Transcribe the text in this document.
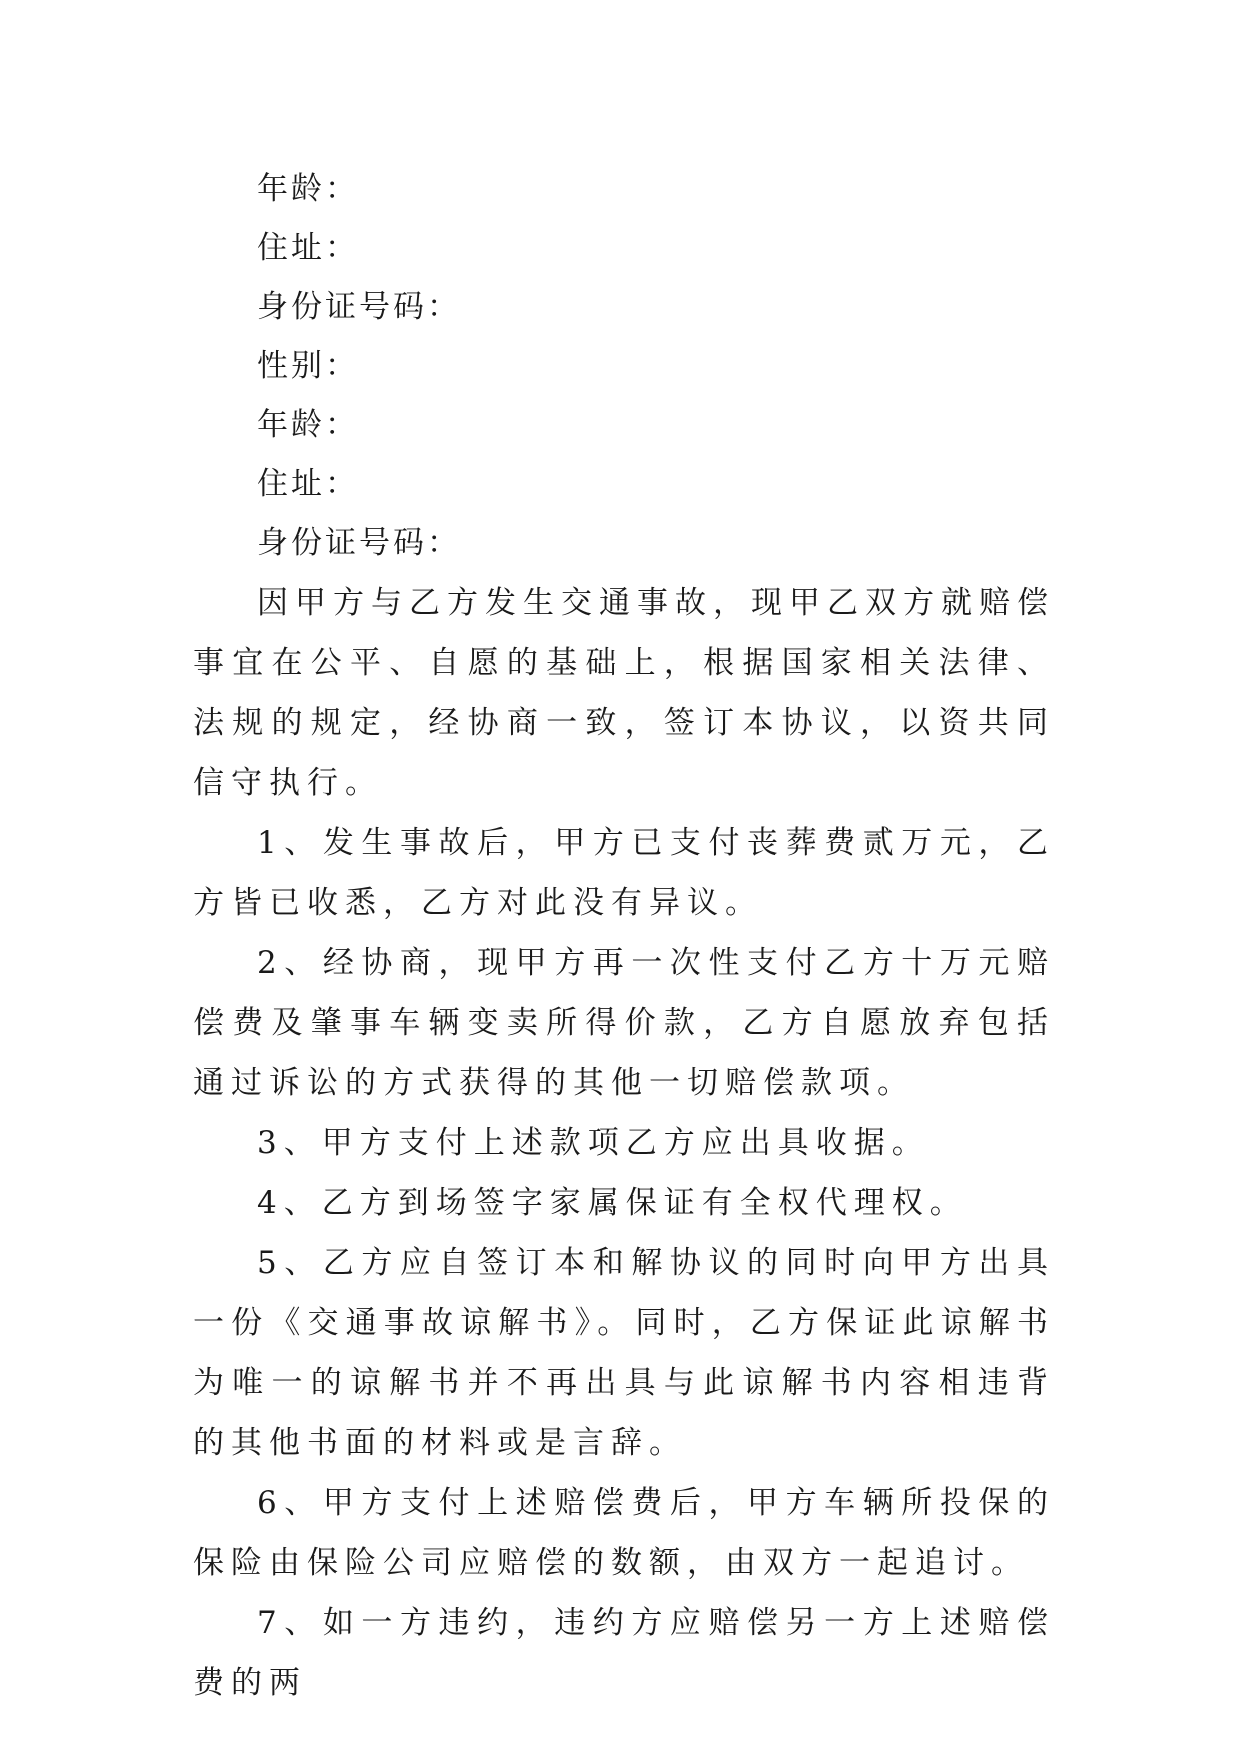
年龄：
住址：
身份证号码：
性别：
年龄：
住址：
身份证号码：

因甲方与乙方发生交通事故，现甲乙双方就赔偿事宜在公平、自愿的基础上，根据国家相关法律、法规的规定，经协商一致，签订本协议，以资共同信守执行。

1、发生事故后，甲方已支付丧葬费贰万元，乙方皆已收悉，乙方对此没有异议。

2、经协商，现甲方再一次性支付乙方十万元赔偿费及肇事车辆变卖所得价款，乙方自愿放弃包括通过诉讼的方式获得的其他一切赔偿款项。

3、甲方支付上述款项乙方应出具收据。

4、乙方到场签字家属保证有全权代理权。

5、乙方应自签订本和解协议的同时向甲方出具一份《交通事故谅解书》。同时，乙方保证此谅解书为唯一的谅解书并不再出具与此谅解书内容相违背的其他书面的材料或是言辞。

6、甲方支付上述赔偿费后，甲方车辆所投保的保险由保险公司应赔偿的数额，由双方一起追讨。

7、如一方违约，违约方应赔偿另一方上述赔偿费的两
